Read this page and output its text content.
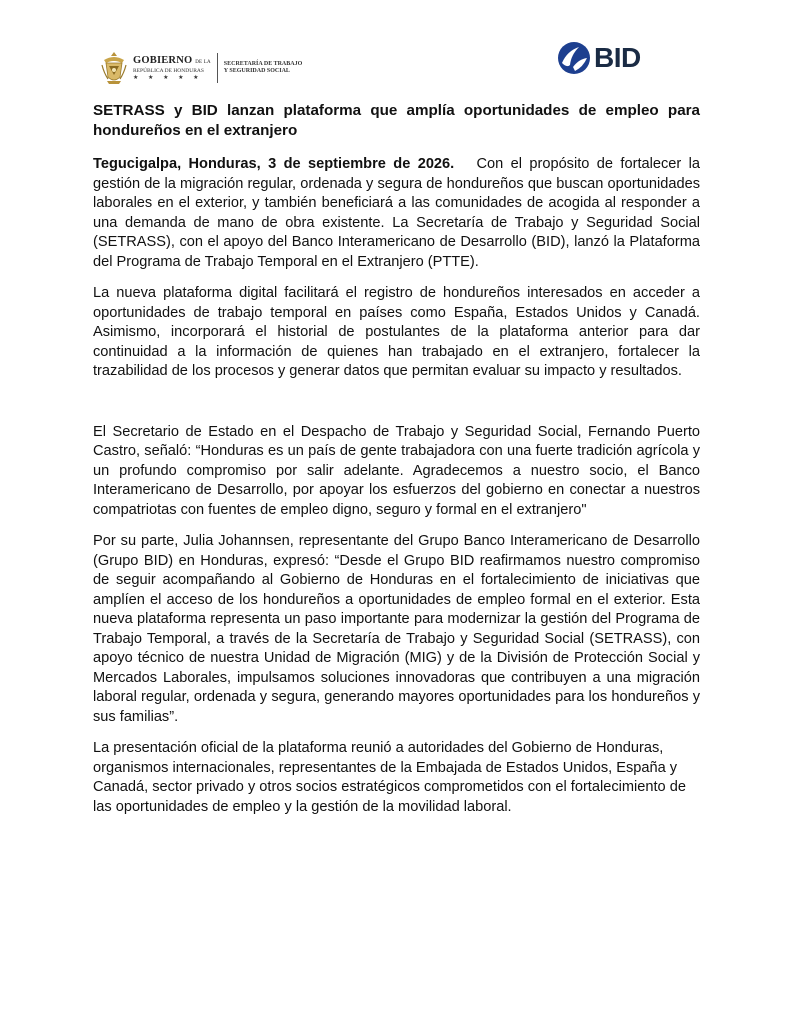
GOBIERNO DE LA
REPÚBLICA DE HONDURAS
★ ★ ★ ★ ★
SECRETARÍA DE TRABAJO
Y SEGURIDAD SOCIAL	BID
SETRASS y BID lanzan plataforma que amplía oportunidades de empleo para hondureños en el extranjero

Tegucigalpa, Honduras, 3 de septiembre de 2026. Con el propósito de fortalecer la gestión de la migración regular, ordenada y segura de hondureños que buscan oportunidades laborales en el exterior, y también beneficiará a las comunidades de acogida al responder a una demanda de mano de obra existente. La Secretaría de Trabajo y Seguridad Social (SETRASS), con el apoyo del Banco Interamericano de Desarrollo (BID), lanzó la Plataforma del Programa de Trabajo Temporal en el Extranjero (PTTE).

La nueva plataforma digital facilitará el registro de hondureños interesados en acceder a oportunidades de trabajo temporal en países como España, Estados Unidos y Canadá. Asimismo, incorporará el historial de postulantes de la plataforma anterior para dar continuidad a la información de quienes han trabajado en el extranjero, fortalecer la trazabilidad de los procesos y generar datos que permitan evaluar su impacto y resultados.

El Secretario de Estado en el Despacho de Trabajo y Seguridad Social, Fernando Puerto Castro, señaló: “Honduras es un país de gente trabajadora con una fuerte tradición agrícola y un profundo compromiso por salir adelante. Agradecemos a nuestro socio, el Banco Interamericano de Desarrollo, por apoyar los esfuerzos del gobierno en conectar a nuestros compatriotas con fuentes de empleo digno, seguro y formal en el extranjero"

Por su parte, Julia Johannsen, representante del Grupo Banco Interamericano de Desarrollo (Grupo BID) en Honduras, expresó: “Desde el Grupo BID reafirmamos nuestro compromiso de seguir acompañando al Gobierno de Honduras en el fortalecimiento de iniciativas que amplíen el acceso de los hondureños a oportunidades de empleo formal en el exterior. Esta nueva plataforma representa un paso importante para modernizar la gestión del Programa de Trabajo Temporal, a través de la Secretaría de Trabajo y Seguridad Social (SETRASS), con apoyo técnico de nuestra Unidad de Migración (MIG) y de la División de Protección Social y Mercados Laborales, impulsamos soluciones innovadoras que contribuyen a una migración laboral regular, ordenada y segura, generando mayores oportunidades para los hondureños y sus familias”.

La presentación oficial de la plataforma reunió a autoridades del Gobierno de Honduras, organismos internacionales, representantes de la Embajada de Estados Unidos, España y Canadá, sector privado y otros socios estratégicos comprometidos con el fortalecimiento de las oportunidades de empleo y la gestión de la movilidad laboral.
